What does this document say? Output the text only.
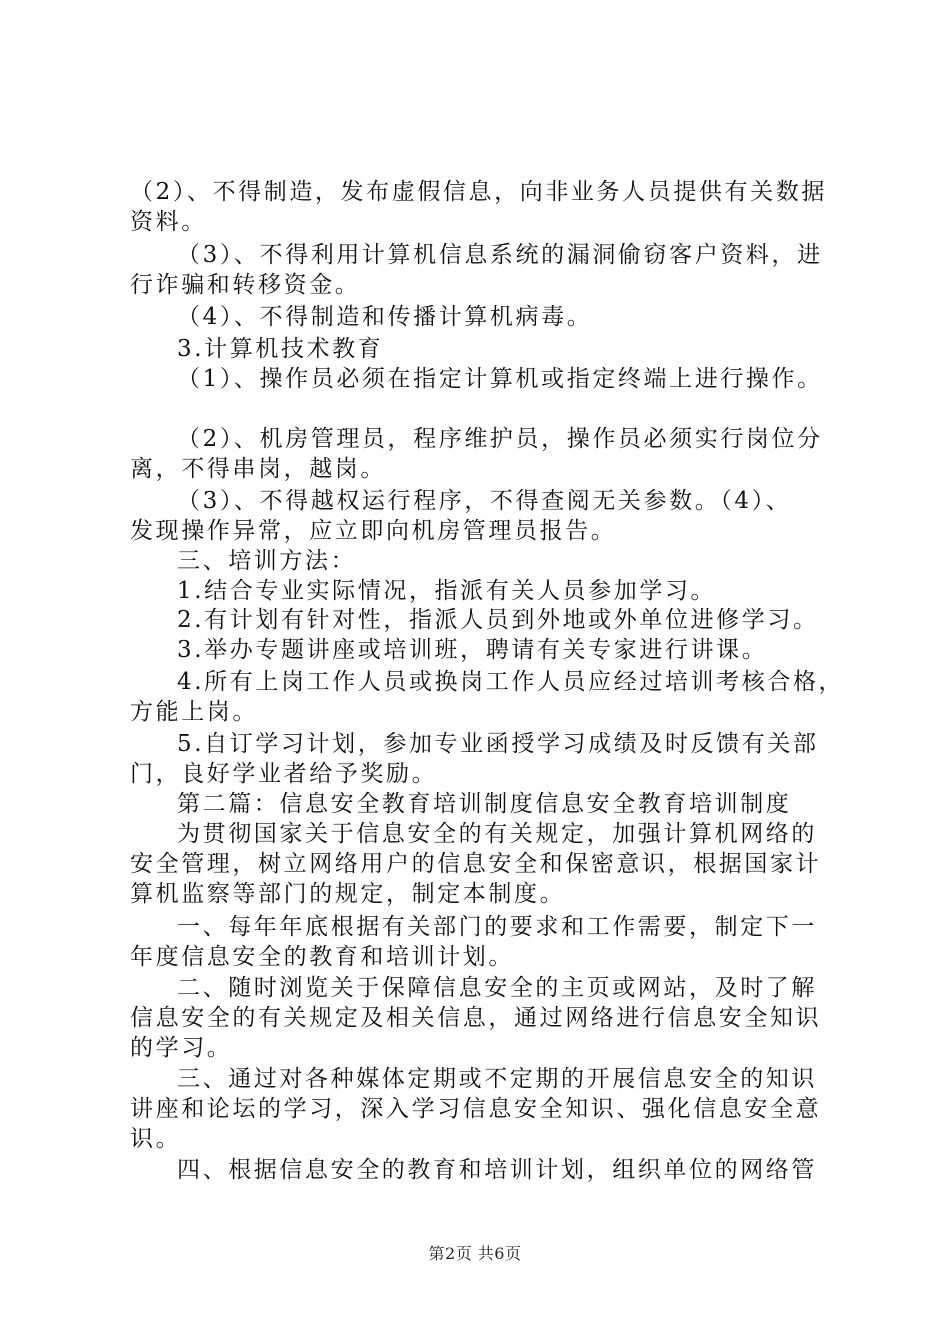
（2）、不得制造，发布虚假信息，向非业务人员提供有关数据
资料。
（3）、不得利用计算机信息系统的漏洞偷窃客户资料，进
行诈骗和转移资金。
（4）、不得制造和传播计算机病毒。
3.计算机技术教育
（1）、操作员必须在指定计算机或指定终端上进行操作。
（2）、机房管理员，程序维护员，操作员必须实行岗位分
离，不得串岗，越岗。
（3）、不得越权运行程序，不得查阅无关参数。（4）、
发现操作异常，应立即向机房管理员报告。
三、培训方法：
1.结合专业实际情况，指派有关人员参加学习。
2.有计划有针对性，指派人员到外地或外单位进修学习。
3.举办专题讲座或培训班，聘请有关专家进行讲课。
4.所有上岗工作人员或换岗工作人员应经过培训考核合格，
方能上岗。
5.自订学习计划，参加专业函授学习成绩及时反馈有关部
门，良好学业者给予奖励。
第二篇：信息安全教育培训制度信息安全教育培训制度
为贯彻国家关于信息安全的有关规定，加强计算机网络的
安全管理，树立网络用户的信息安全和保密意识，根据国家计
算机监察等部门的规定，制定本制度。
一、每年年底根据有关部门的要求和工作需要，制定下一
年度信息安全的教育和培训计划。
二、随时浏览关于保障信息安全的主页或网站，及时了解
信息安全的有关规定及相关信息，通过网络进行信息安全知识
的学习。
三、通过对各种媒体定期或不定期的开展信息安全的知识
讲座和论坛的学习，深入学习信息安全知识、强化信息安全意
识。
四、根据信息安全的教育和培训计划，组织单位的网络管
第2页 共6页
